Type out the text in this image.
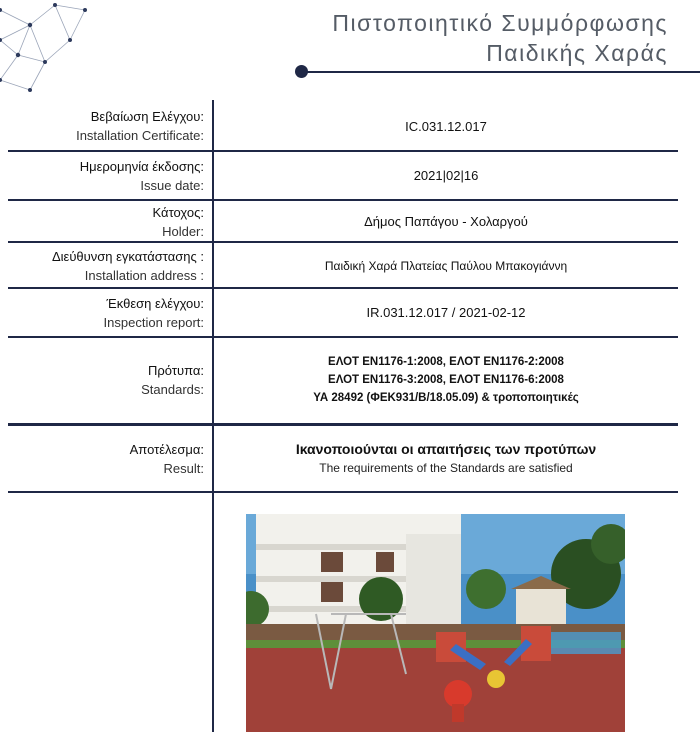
Πιστοποιητικό Συμμόρφωσης
Παιδικής Χαράς
Βεβαίωση Ελέγχου:
Installation Certificate:
IC.031.12.017
Ημερομηνία έκδοσης:
Issue date:
2021|02|16
Κάτοχος:
Holder:
Δήμος Παπάγου - Χολαργού
Διεύθυνση εγκατάστασης :
Installation address :
Παιδική Χαρά Πλατείας Παύλου Μπακογιάννη
Έκθεση ελέγχου:
Inspection report:
IR.031.12.017 / 2021-02-12
Πρότυπα:
Standards:
ΕΛΟΤ EN1176-1:2008, ΕΛΟΤ EN1176-2:2008
ΕΛΟΤ EN1176-3:2008, ΕΛΟΤ EN1176-6:2008
ΥΑ 28492 (ΦΕΚ931/Β/18.05.09) & τροποποιητικές
Αποτέλεσμα:
Result:
Ικανοποιούνται οι απαιτήσεις των προτύπων
The requirements of the Standards are satisfied
